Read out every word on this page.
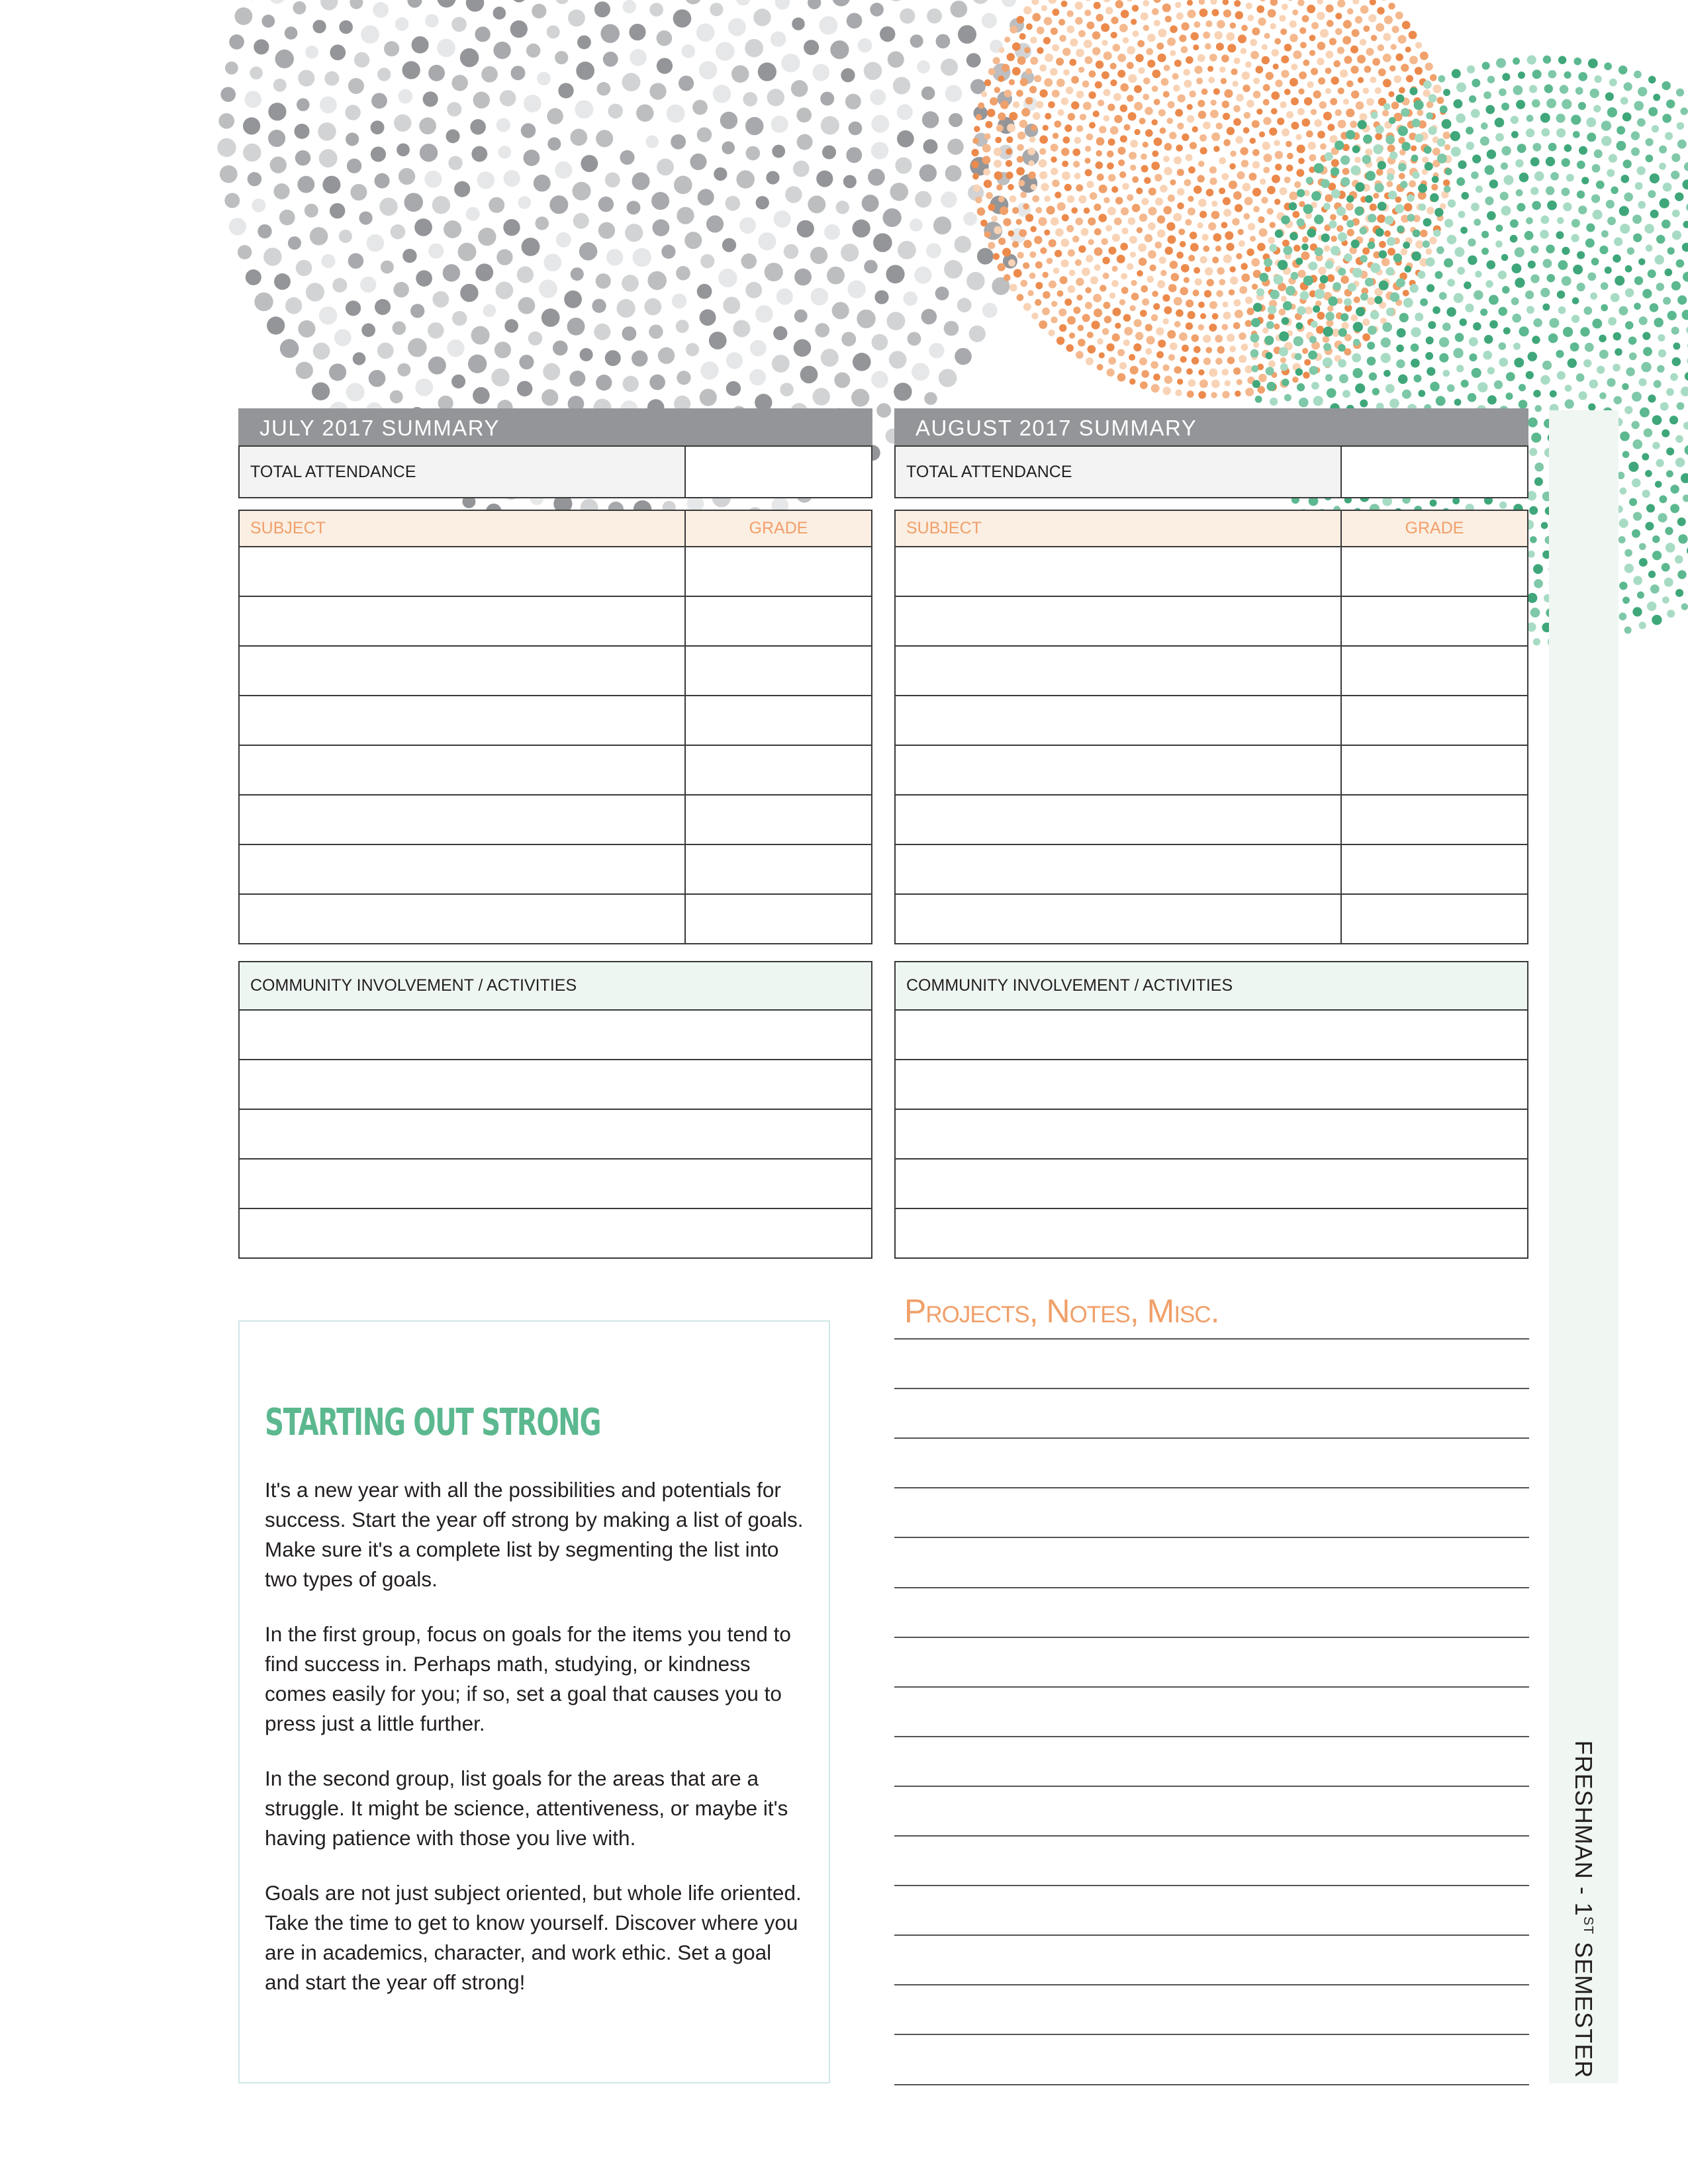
FRESHMAN - 1ST SEMESTER
JULY 2017 SUMMARY
TOTAL ATTENDANCE	
SUBJECT	GRADE

COMMUNITY INVOLVEMENT / ACTIVITIES

AUGUST 2017 SUMMARY
TOTAL ATTENDANCE	
SUBJECT	GRADE

COMMUNITY INVOLVEMENT / ACTIVITIES

STARTING OUT STRONG

It's a new year with all the possibilities and potentials for success. Start the year off strong by making a list of goals. Make sure it's a complete list by segmenting the list into two types of goals.

In the first group, focus on goals for the items you tend to find success in. Perhaps math, studying, or kindness comes easily for you; if so, set a goal that causes you to press just a little further.

In the second group, list goals for the areas that are a struggle. It might be science, attentiveness, or maybe it's having patience with those you live with.

Goals are not just subject oriented, but whole life oriented. Take the time to get to know yourself. Discover where you are in academics, character, and work ethic. Set a goal and start the year off strong!

Projects, Notes, Misc.
